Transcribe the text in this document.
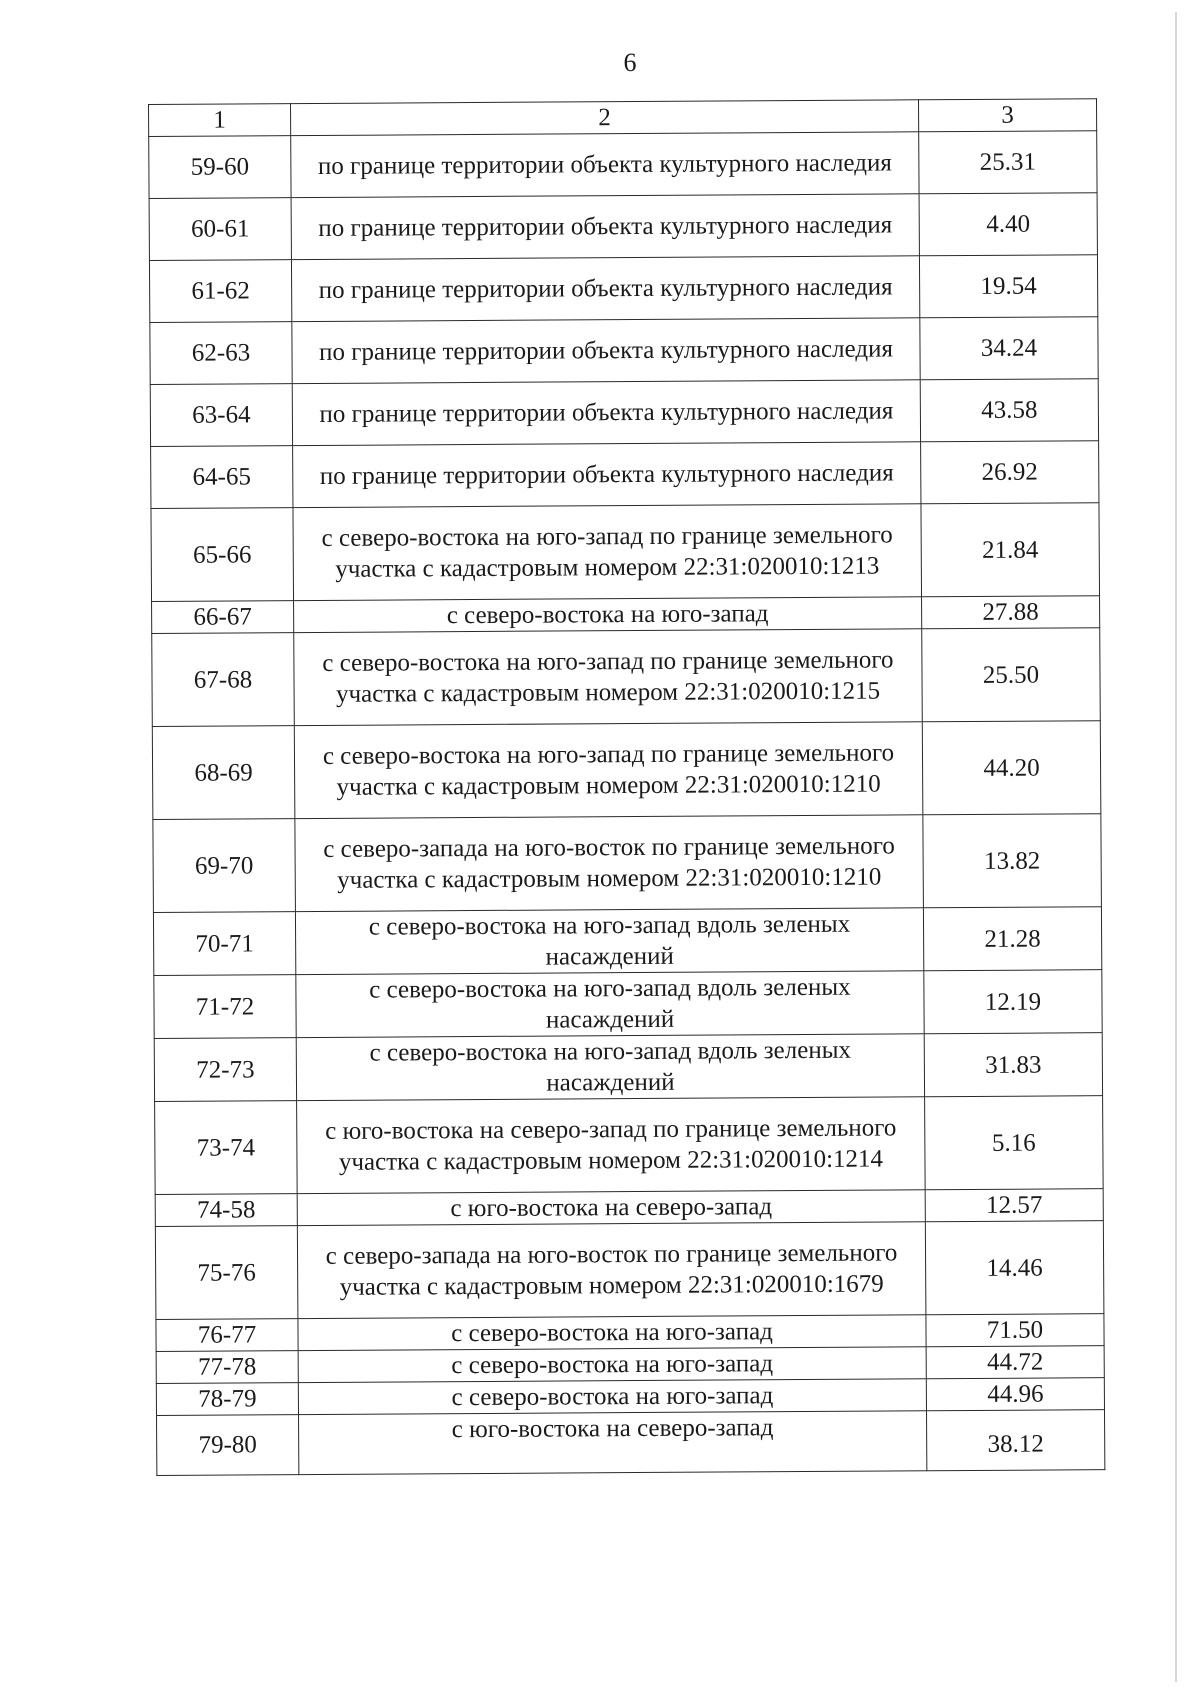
6
1	2	3
59-60	по границе территории объекта культурного наследия	25.31
60-61	по границе территории объекта культурного наследия	4.40
61-62	по границе территории объекта культурного наследия	19.54
62-63	по границе территории объекта культурного наследия	34.24
63-64	по границе территории объекта культурного наследия	43.58
64-65	по границе территории объекта культурного наследия	26.92
65-66	с северо-востока на юго-запад по границе земельного участка с кадастровым номером 22:31:020010:1213	21.84
66-67	с северо-востока на юго-запад	27.88
67-68	с северо-востока на юго-запад по границе земельного участка с кадастровым номером 22:31:020010:1215	25.50
68-69	с северо-востока на юго-запад по границе земельного участка с кадастровым номером 22:31:020010:1210	44.20
69-70	с северо-запада на юго-восток по границе земельного участка с кадастровым номером 22:31:020010:1210	13.82
70-71	с северо-востока на юго-запад вдоль зеленых насаждений	21.28
71-72	с северо-востока на юго-запад вдоль зеленых насаждений	12.19
72-73	с северо-востока на юго-запад вдоль зеленых насаждений	31.83
73-74	с юго-востока на северо-запад по границе земельного участка с кадастровым номером 22:31:020010:1214	5.16
74-58	с юго-востока на северо-запад	12.57
75-76	с северо-запада на юго-восток по границе земельного участка с кадастровым номером 22:31:020010:1679	14.46
76-77	с северо-востока на юго-запад	71.50
77-78	с северо-востока на юго-запад	44.72
78-79	с северо-востока на юго-запад	44.96
79-80	с юго-востока на северо-запад	38.12
